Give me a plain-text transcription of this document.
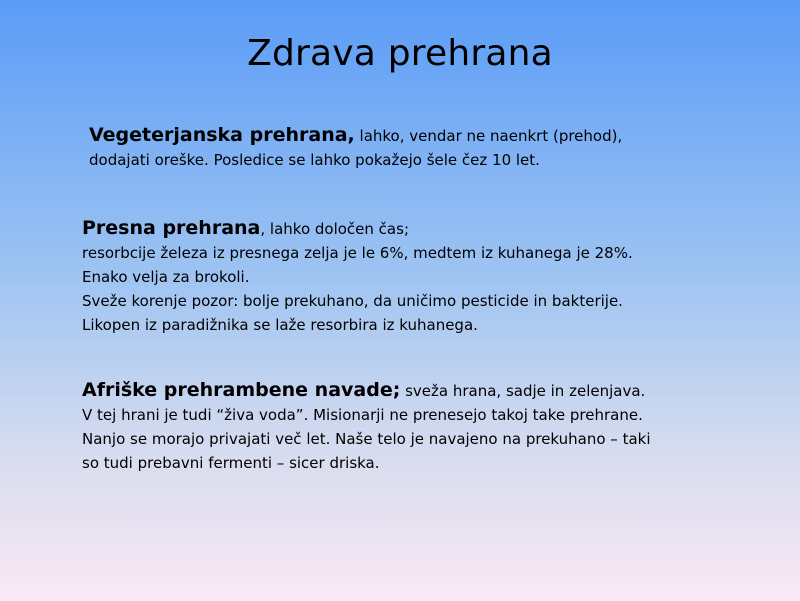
Zdrava prehrana
Vegeterjanska prehrana, lahko, vendar ne naenkrt (prehod),
dodajati oreške. Posledice se lahko pokažejo šele čez 10 let.
Presna prehrana, lahko določen čas;
resorbcije železa iz presnega zelja je le 6%, medtem iz kuhanega je 28%.
Enako velja za brokoli.
Sveže korenje pozor: bolje prekuhano, da uničimo pesticide in bakterije.
Likopen iz paradižnika se laže resorbira iz kuhanega.
Afriške prehrambene navade; sveža hrana, sadje in zelenjava.
V tej hrani je tudi “živa voda”. Misionarji ne prenesejo takoj take prehrane.
Nanjo se morajo privajati več let. Naše telo je navajeno na prekuhano – taki
so tudi prebavni fermenti – sicer driska.
